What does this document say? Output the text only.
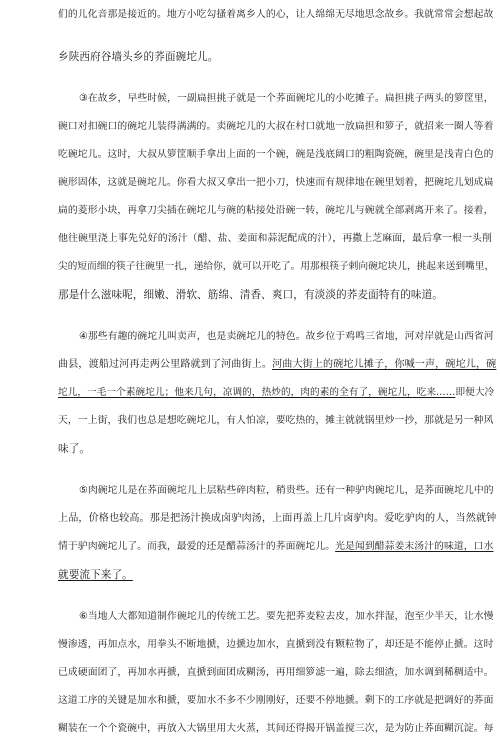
们的儿化音那是接近的。地方小吃勾搔着离乡人的心，让人绵绵无尽地思念故乡。我就常常会想起故
乡陕西府谷墙头乡的荞面碗坨儿。
③在故乡，早些时候，一副扁担挑子就是一个荞面碗坨儿的小吃摊子。扁担挑子两头的箩筐里，
碗口对扣碗口的碗坨儿装得满满的。卖碗坨儿的大叔在村口就地一放扁担和箩子，就招来一圈人等着
吃碗坨儿。这时，大叔从箩筐顺手拿出上面的一个碗，碗是浅底阔口的粗陶瓷碗，碗里是浅青白色的
碗形固体，这就是碗坨儿。你看大叔又拿出一把小刀，快速而有规律地在碗里划着，把碗坨儿划成扁
扁的菱形小块，再拿刀尖插在碗坨儿与碗的粘接处沿碗一转，碗坨儿与碗就全部剥离开来了。接着，
他往碗里浇上事先兑好的汤汁（醋、盐、姜面和蒜泥配成的汁），再撒上芝麻面，最后拿一根一头削
尖的短而细的筷子往碗里一扎，递给你，就可以开吃了。用那根筷子剌向碗坨块儿，挑起来送到嘴里，
那是什么滋味呢，细嫩、滑软、筋绵、清香、爽口，有淡淡的荞麦面特有的味道。
④那些有趣的碗坨儿叫卖声，也是卖碗坨儿的特色。故乡位于鸡鸣三省地，河对岸就是山西省河
曲县，渡船过河再走两公里路就到了河曲街上。河曲大街上的碗坨儿摊子，你喊一声，碗坨儿，碗
坨儿，一毛一个素碗坨儿；他来几句，凉调的，热炒的，肉的素的全有了，碗坨儿，吃来……即便大冷
天，一上街，我们也总是想吃碗坨儿，有人怕凉，要吃热的，摊主就就锅里炒一抄，那就是另一种风
味了。
⑤肉碗坨儿是在荞面碗坨儿上层粘些碎肉粒，稍贵些。还有一种驴肉碗坨儿，是荞面碗坨儿中的
上品，价格也较高。那是把汤汁换成卤驴肉汤，上面再盖上几片卤驴肉。爱吃驴肉的人，当然就钟
情于驴肉碗坨儿了。而我，最爱的还是醋蒜汤汁的荞面碗坨儿。光是闻到醋蒜姜末汤汁的味道，口水
就要流下来了。
⑥当地人大都知道制作碗坨儿的传统工艺。要先把荞麦粒去皮，加水拌湿，泡至少半天，让水慢
慢渗透，再加点水，用拳头不断地搋，边搋边加水，直搋到没有颗粒物了，却还是不能停止搋。这时
已成硬面团了，再加水再搋，直搋到面团成糊汤，再用细箩滤一遍，除去细渣，加水调到稀稠适中。
这道工序的关键是加水和搋，要加水不多不少刚刚好，还要不停地搋。剩下的工序就是把调好的荞面
糊装在一个个瓷碗中，再放入大锅里用大火蒸，其间还得揭开锅盖搅三次，是为防止荞面糊沉淀。每
